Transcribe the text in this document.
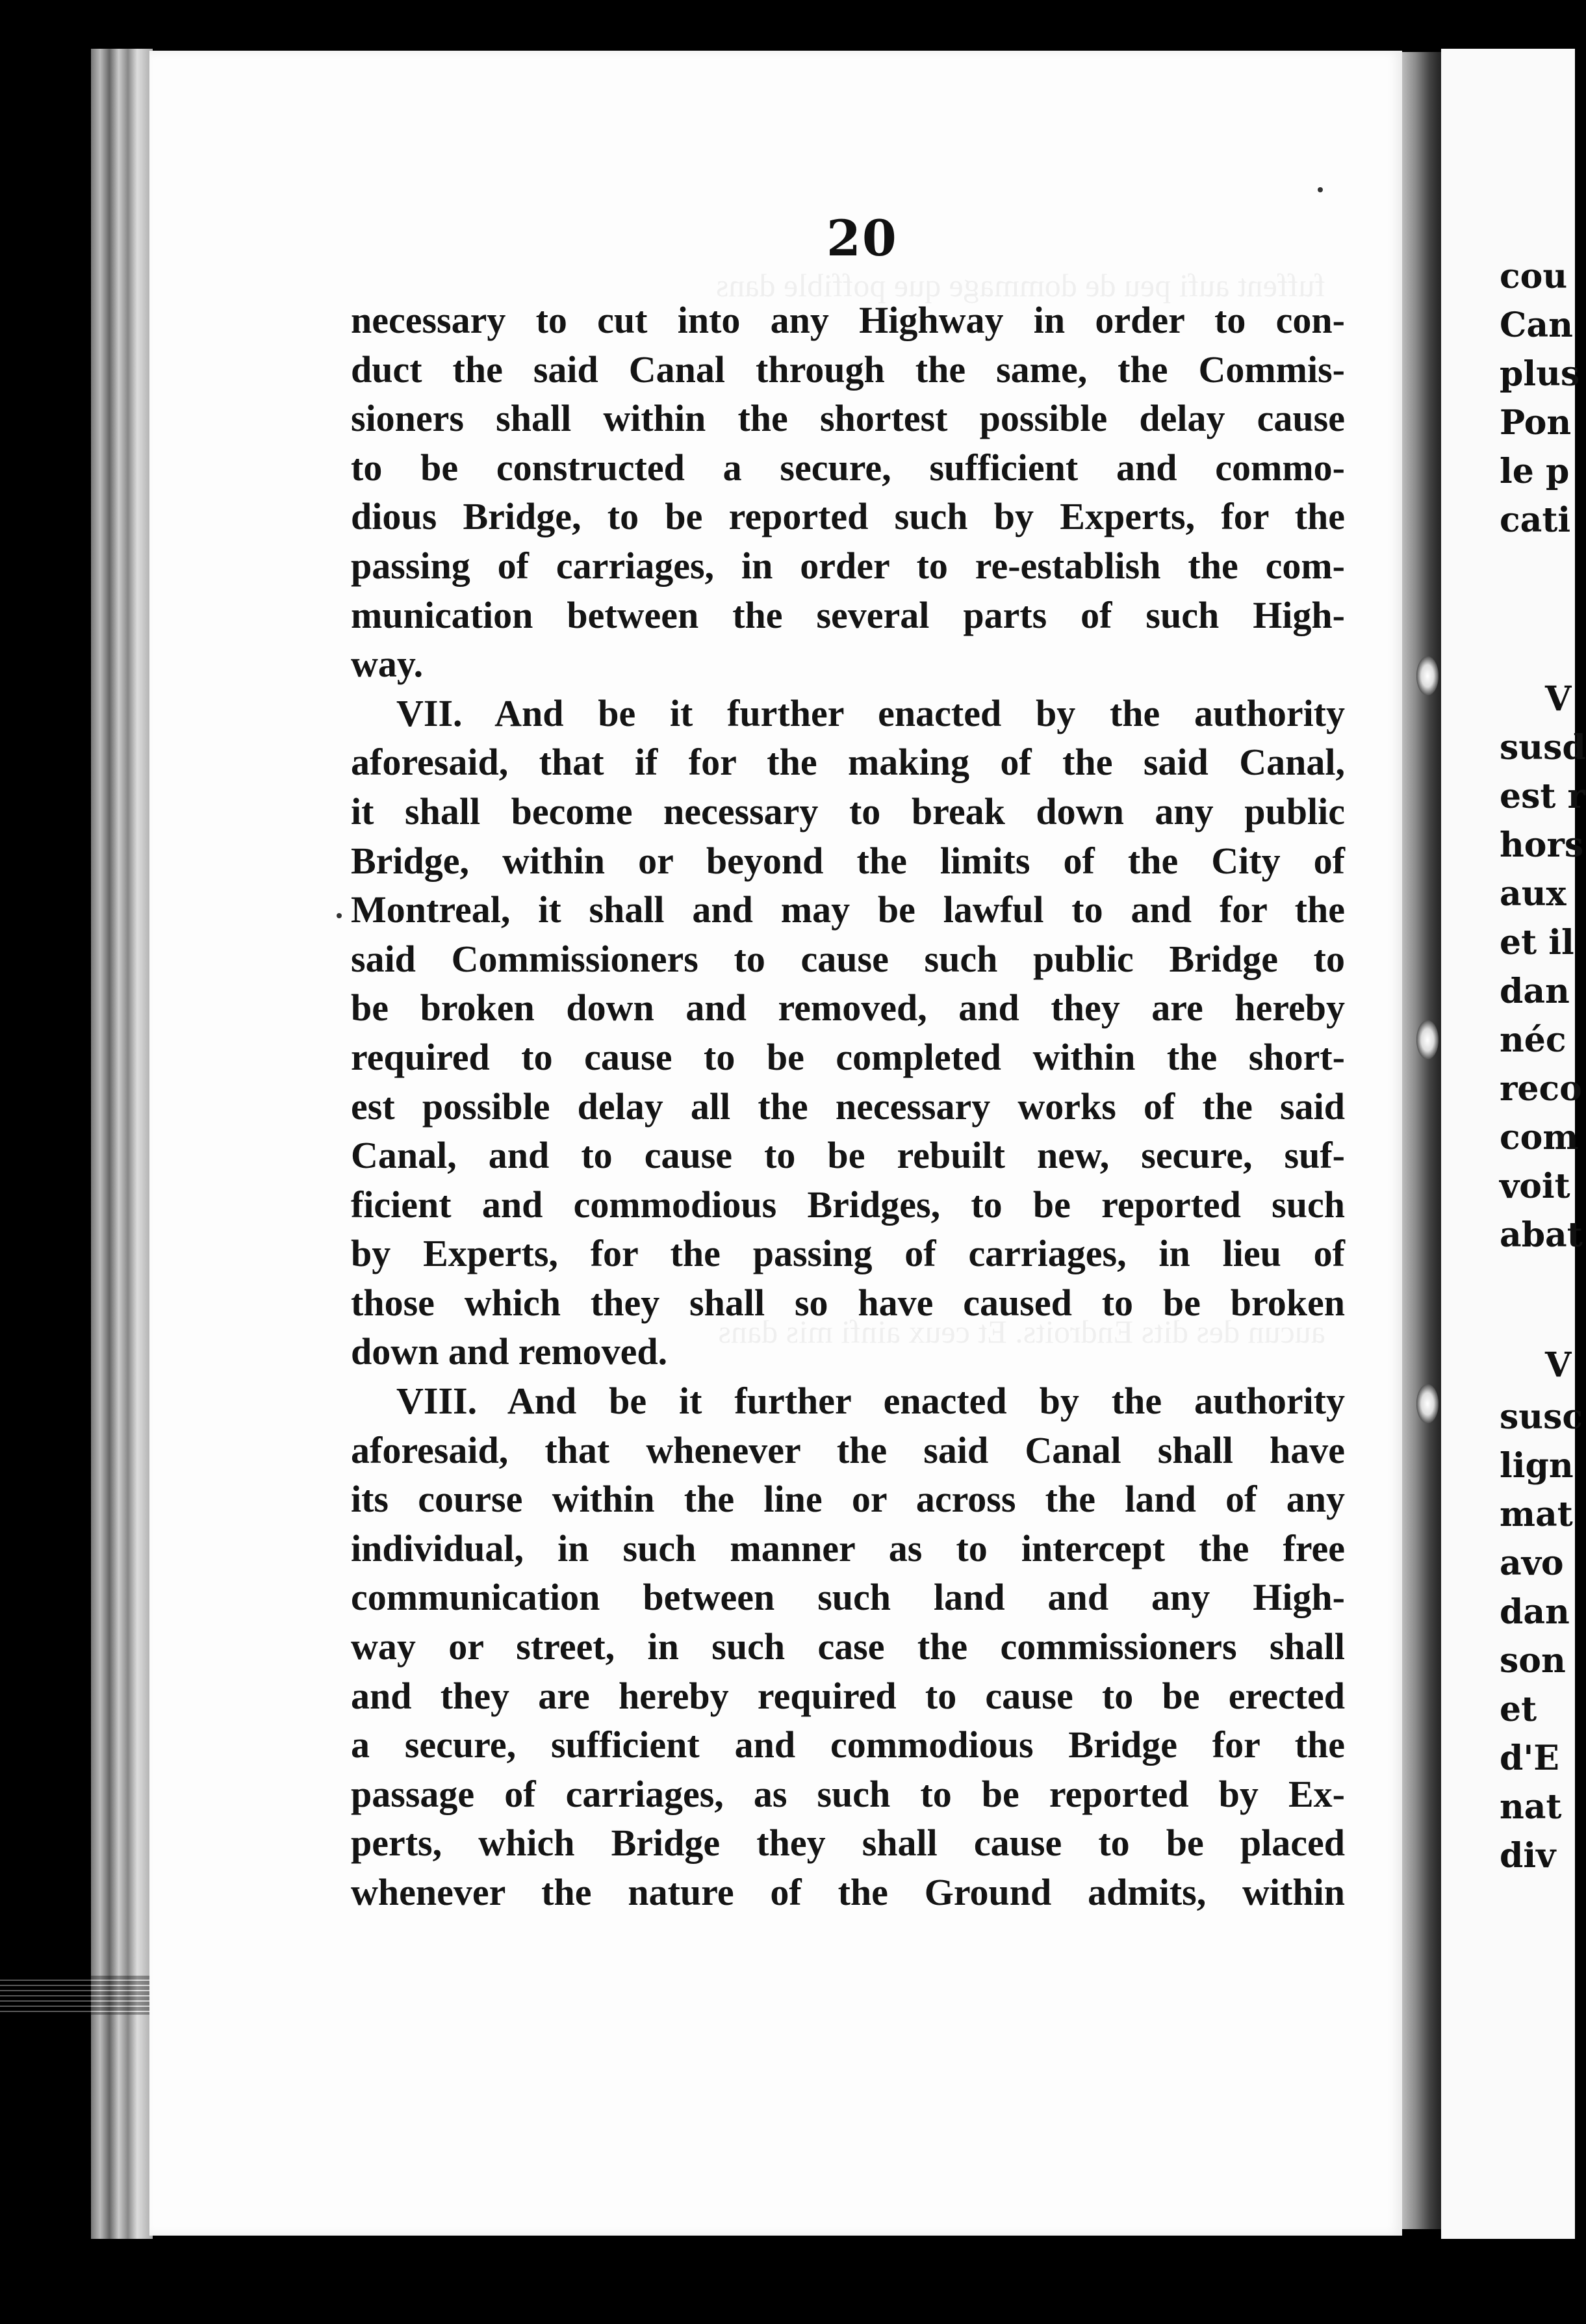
fuffent aufi peu de dommage que poffible dans
aucun des dits Endroits. Et ceux ainfi mis dans
20
necessary to cut into any Highway in order to con-
duct the said Canal through the same, the Commis-
sioners shall within the shortest possible delay cause
to be constructed a secure, sufficient and commo-
dious Bridge, to be reported such by Experts, for the
passing of carriages, in order to re-establish the com-
munication between the several parts of such High-
way.
VII. And be it further enacted by the authority
aforesaid, that if for the making of the said Canal,
it shall become necessary to break down any public
Bridge, within or beyond the limits of the City of
Montreal, it shall and may be lawful to and for the
said Commissioners to cause such public Bridge to
be broken down and removed, and they are hereby
required to cause to be completed within the short-
est possible delay all the necessary works of the said
Canal, and to cause to be rebuilt new, secure, suf-
ficient and commodious Bridges, to be reported such
by Experts, for the passing of carriages, in lieu of
those which they shall so have caused to be broken
down and removed.
VIII. And be it further enacted by the authority
aforesaid, that whenever the said Canal shall have
its course within the line or across the land of any
individual, in such manner as to intercept the free
communication between such land and any High-
way or street, in such case the commissioners shall
and they are hereby required to cause to be erected
a secure, sufficient and commodious Bridge for the
passage of carriages, as such to be reported by Ex-
perts, which Bridge they shall cause to be placed
whenever the nature of the Ground admits, within
cou
Can
plus
Pon
le p
cati
V
susd
est r
hors
aux
et il
dan
néc
reco
com
voit
abat
V
susc
lign
mat
avo
dan
son
et
d'E
nat
div
